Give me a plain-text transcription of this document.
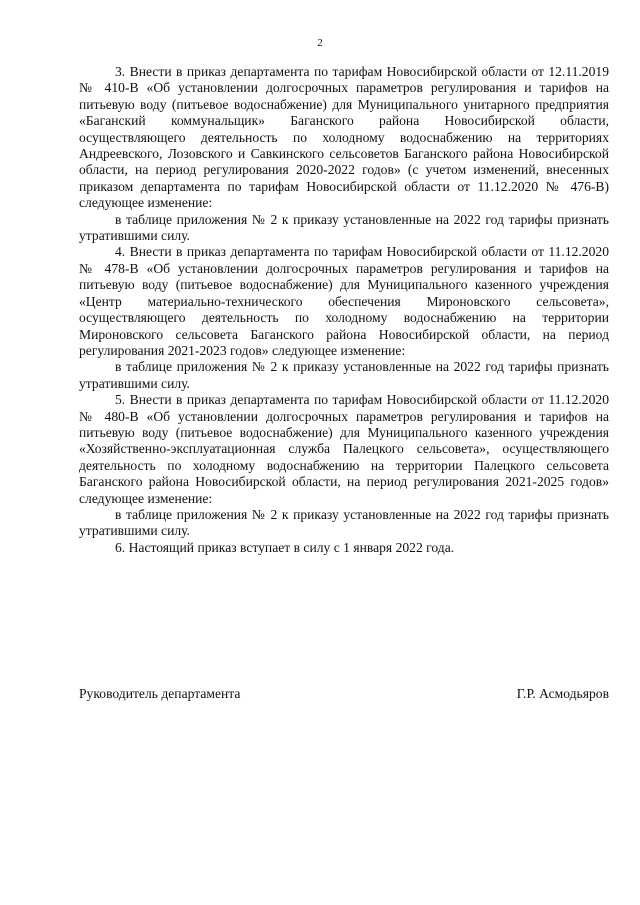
2

3. Внести в приказ департамента по тарифам Новосибирской области от 12.11.2019 № 410-В «Об установлении долгосрочных параметров регулирования и тарифов на питьевую воду (питьевое водоснабжение) для Муниципального унитарного предприятия «Баганский коммунальщик» Баганского района Новосибирской области, осуществляющего деятельность по холодному водоснабжению на территориях Андреевского, Лозовского и Савкинского сельсоветов Баганского района Новосибирской области, на период регулирования 2020-2022 годов» (с учетом изменений, внесенных приказом департамента по тарифам Новосибирской области от 11.12.2020 № 476-В) следующее изменение:

в таблице приложения № 2 к приказу установленные на 2022 год тарифы признать утратившими силу.

4. Внести в приказ департамента по тарифам Новосибирской области от 11.12.2020 № 478-В «Об установлении долгосрочных параметров регулирования и тарифов на питьевую воду (питьевое водоснабжение) для Муниципального казенного учреждения «Центр материально-технического обеспечения Мироновского сельсовета», осуществляющего деятельность по холодному водоснабжению на территории Мироновского сельсовета Баганского района Новосибирской области, на период регулирования 2021-2023 годов» следующее изменение:

в таблице приложения № 2 к приказу установленные на 2022 год тарифы признать утратившими силу.

5. Внести в приказ департамента по тарифам Новосибирской области от 11.12.2020 № 480-В «Об установлении долгосрочных параметров регулирования и тарифов на питьевую воду (питьевое водоснабжение) для Муниципального казенного учреждения «Хозяйственно-эксплуатационная служба Палецкого сельсовета», осуществляющего деятельность по холодному водоснабжению на территории Палецкого сельсовета Баганского района Новосибирской области, на период регулирования 2021-2025 годов» следующее изменение:

в таблице приложения № 2 к приказу установленные на 2022 год тарифы признать утратившими силу.

6. Настоящий приказ вступает в силу с 1 января 2022 года.

Руководитель департамента	Г.Р. Асмодьяров
